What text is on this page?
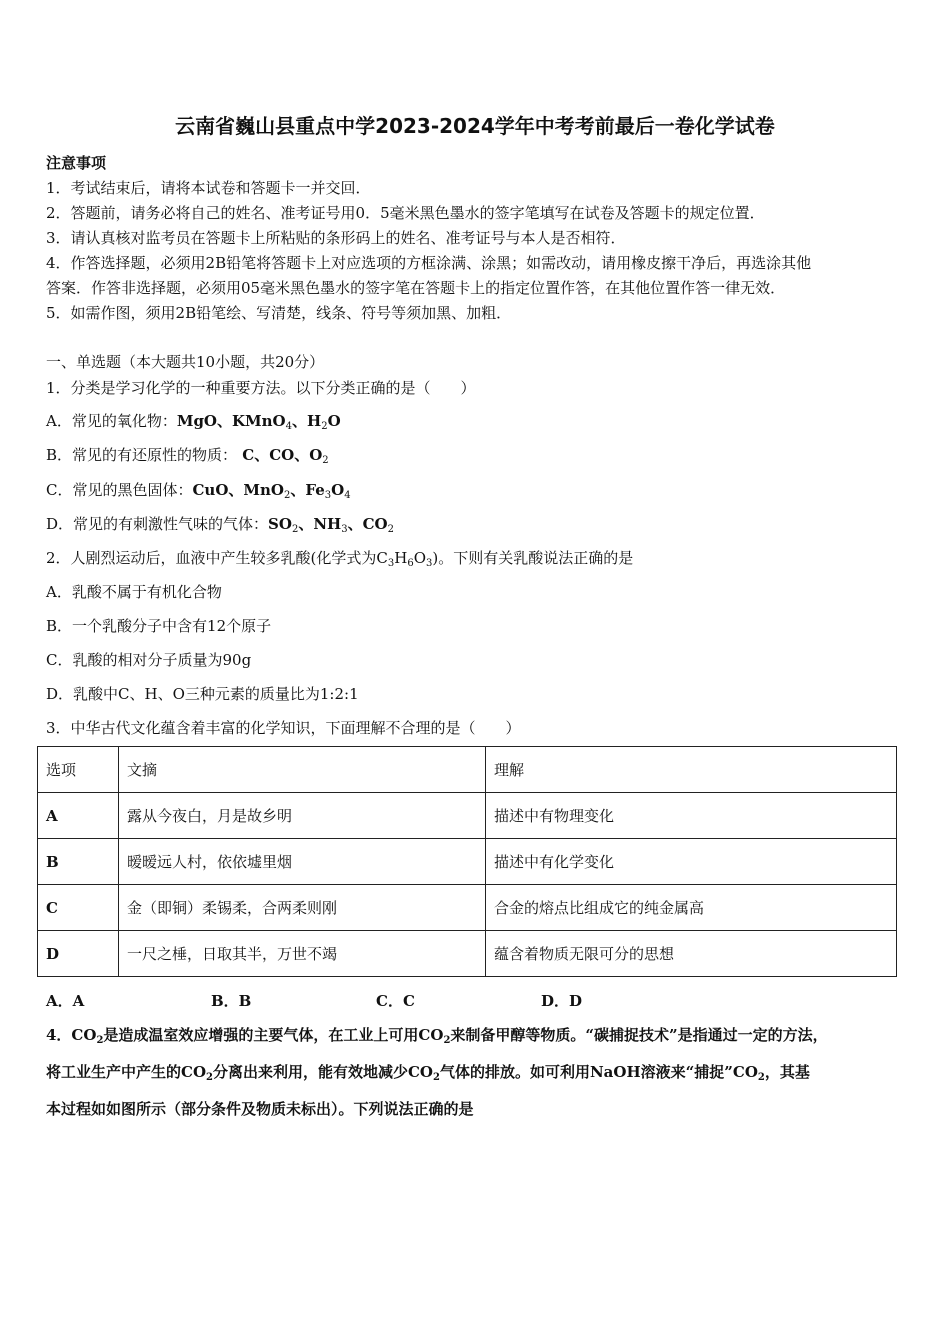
云南省巍山县重点中学2023-2024学年中考考前最后一卷化学试卷
注意事项
1．考试结束后，请将本试卷和答题卡一并交回．
2．答题前，请务必将自己的姓名、准考证号用0．5毫米黑色墨水的签字笔填写在试卷及答题卡的规定位置．
3．请认真核对监考员在答题卡上所粘贴的条形码上的姓名、准考证号与本人是否相符．
4．作答选择题，必须用2B铅笔将答题卡上对应选项的方框涂满、涂黑；如需改动，请用橡皮擦干净后，再选涂其他
答案．作答非选择题，必须用05毫米黑色墨水的签字笔在答题卡上的指定位置作答，在其他位置作答一律无效．
5．如需作图，须用2B铅笔绘、写清楚，线条、符号等须加黑、加粗．
一、单选题（本大题共10小题，共20分）
1．分类是学习化学的一种重要方法。以下分类正确的是（　　）
A．常见的氧化物：MgO、KMnO$_4$、$H_2O$
B．常见的有还原性的物质： C、CO、$O_2$
C．常见的黑色固体：CuO、MnO$_2$、$Fe_3O_4$
D．常见的有刺激性气味的气体：$SO_2$、$NH_3$、$CO_2$
2．人剧烈运动后，血液中产生较多乳酸(化学式为$C_3H_6O_3$)。下则有关乳酸说法正确的是
A．乳酸不属于有机化合物
B．一个乳酸分子中含有12个原子
C．乳酸的相对分子质量为90g
D．乳酸中C、H、O三种元素的质量比为1:2:1
3．中华古代文化蕴含着丰富的化学知识，下面理解不合理的是（　　）
选项	文摘	理解
A	露从今夜白，月是故乡明	描述中有物理变化
B	暧暧远人村，依依墟里烟	描述中有化学变化
C	金（即铜）柔锡柔，合两柔则刚	合金的熔点比组成它的纯金属高
D	一尺之棰，日取其半，万世不竭	蕴含着物质无限可分的思想
A．A	B．B	C．C	D．D
4．$CO_2$是造成温室效应增强的主要气体，在工业上可用$CO_2$来制备甲醇等物质。“碳捕捉技术”是指通过一定的方法，
将工业生产中产生的$CO_2$分离出来利用，能有效地减少$CO_2$气体的排放。如可利用NaOH溶液来“捕捉$”CO_2$，其基
本过程如如图所示（部分条件及物质未标出）。下列说法正确的是
